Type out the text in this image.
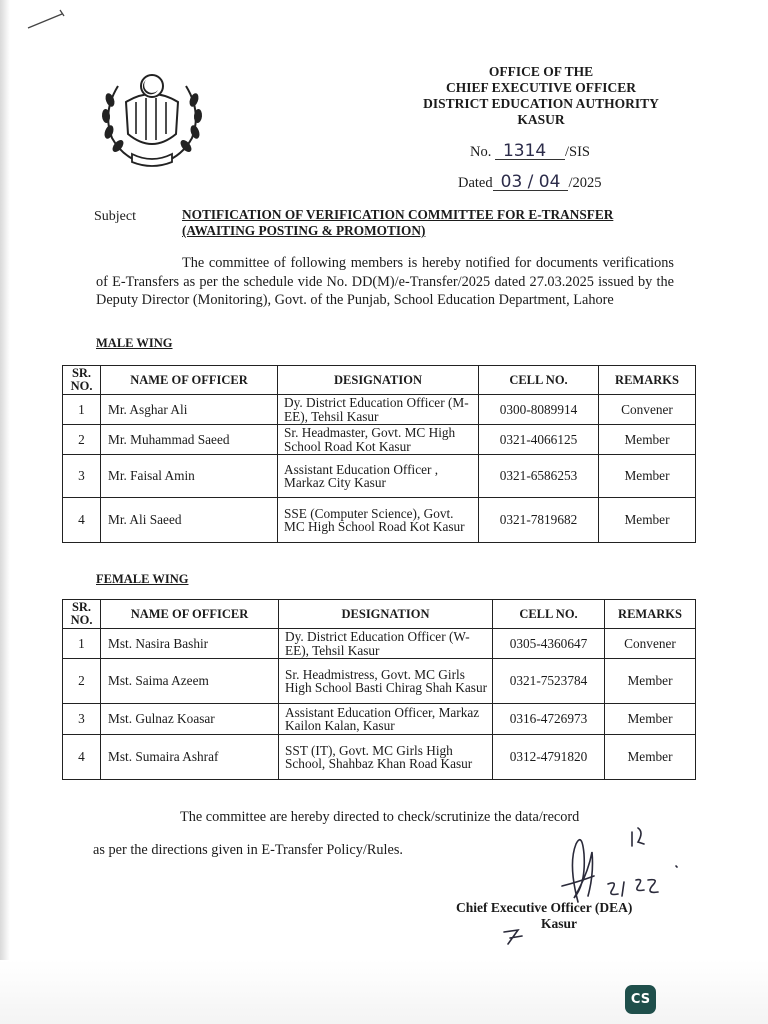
OFFICE OF THE
CHIEF EXECUTIVE OFFICER
DISTRICT EDUCATION AUTHORITY
KASUR
No. 1314 /SIS
Dated 03 / 04 /2025
Subject	NOTIFICATION OF VERIFICATION COMMITTEE FOR E-TRANSFER (AWAITING POSTING & PROMOTION)

The committee of following members is hereby notified for documents verifications of E-Transfers as per the schedule vide No. DD(M)/e-Transfer/2025 dated 27.03.2025 issued by the Deputy Director (Monitoring), Govt. of the Punjab, School Education Department, Lahore

MALE WING
SR. NO.	NAME OF OFFICER	DESIGNATION	CELL NO.	REMARKS
1	Mr. Asghar Ali	Dy. District Education Officer (M-EE), Tehsil Kasur	0300-8089914	Convener
2	Mr. Muhammad Saeed	Sr. Headmaster, Govt. MC High School Road Kot Kasur	0321-4066125	Member
3	Mr. Faisal Amin	Assistant Education Officer , Markaz City Kasur	0321-6586253	Member
4	Mr. Ali Saeed	SSE (Computer Science), Govt. MC High School Road Kot Kasur	0321-7819682	Member
FEMALE WING
SR. NO.	NAME OF OFFICER	DESIGNATION	CELL NO.	REMARKS
1	Mst. Nasira Bashir	Dy. District Education Officer (W-EE), Tehsil Kasur	0305-4360647	Convener
2	Mst. Saima Azeem	Sr. Headmistress, Govt. MC Girls High School Basti Chirag Shah Kasur	0321-7523784	Member
3	Mst. Gulnaz Koasar	Assistant Education Officer, Markaz Kailon Kalan, Kasur	0316-4726973	Member
4	Mst. Sumaira Ashraf	SST (IT), Govt. MC Girls High School, Shahbaz Khan Road Kasur	0312-4791820	Member
The committee are hereby directed to check/scrutinize the data/record
as per the directions given in E-Transfer Policy/Rules.
Chief Executive Officer (DEA)
Kasur
CS
